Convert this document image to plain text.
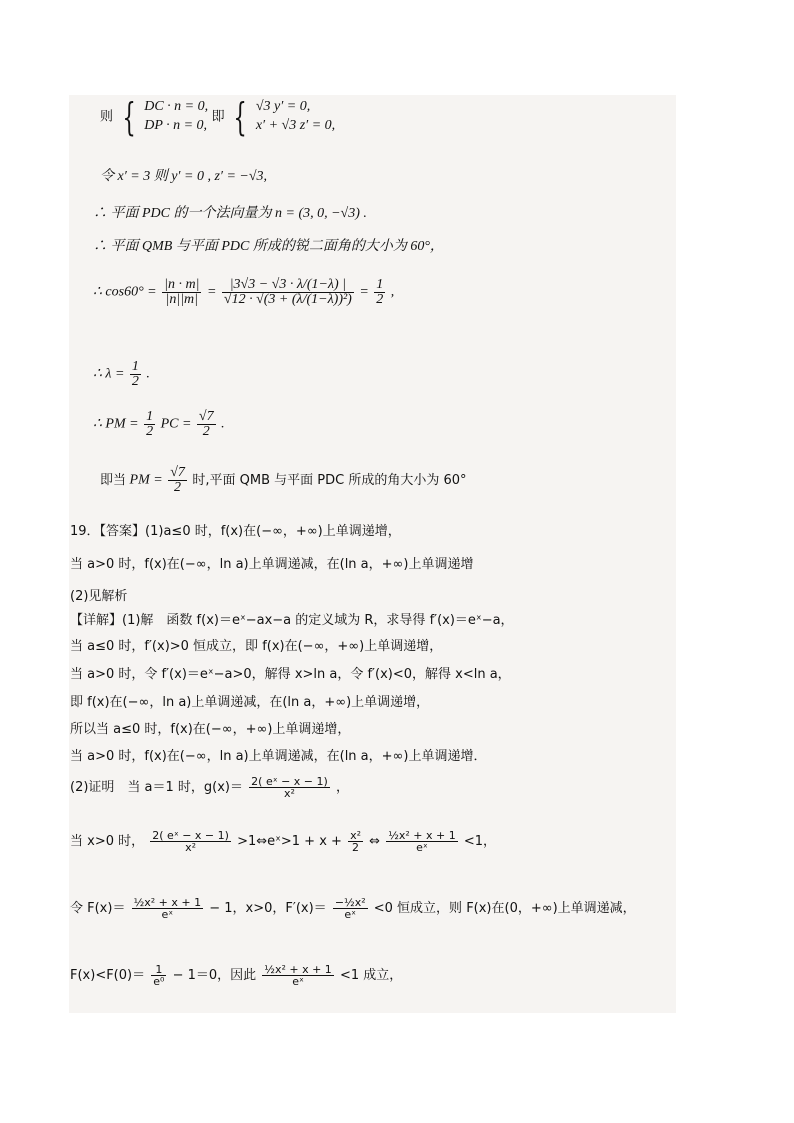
则 { DC · n = 0,
DP · n = 0,
即 { √3 y′ = 0,
x′ + √3 z′ = 0,
令 x′ = 3 则 y′ = 0 , z′ = −√3,
∴ 平面 PDC 的一个法向量为 n = (3, 0, −√3) .
∴ 平面 QMB 与平面 PDC 所成的锐二面角的大小为 60°，
∴ $\cos 60^\circ = \frac{|n \cdot m|}{|n||m|} = \frac{|3√3 - √3 \cdot \lambda/(1-\lambda) |}{\text{√12 · √(3 + (λ/(1−λ))²)}} = \frac{1}{2}$ ,
∴ $\lambda = \frac{1}{2}$ .
∴ PM = $\frac{1}{2}$ PC = $\frac{√7}{2}$ .
即当 PM = $\frac{√7}{2}$ 时,平面 QMB 与平面 PDC 所成的角大小为 60°
19．【答案】(1)a≤0 时，f(x)在(−∞，+∞)上单调递增，
当 a>0 时，f(x)在(−∞，ln a)上单调递减，在(ln a，+∞)上单调递增
(2)见解析
【详解】(1)解　函数 f(x)＝eˣ−ax−a 的定义域为 R，求导得 f′(x)＝eˣ−a，
当 a≤0 时，f′(x)>0 恒成立，即 f(x)在(−∞，+∞)上单调递增，
当 a>0 时，令 f′(x)＝eˣ−a>0，解得 x>ln a，令 f′(x)<0，解得 x<ln a，
即 f(x)在(−∞，ln a)上单调递减，在(ln a，+∞)上单调递增，
所以当 a≤0 时，f(x)在(−∞，+∞)上单调递增，
当 a>0 时，f(x)在(−∞，ln a)上单调递减，在(ln a，+∞)上单调递增．
(2)证明　当 a＝1 时，$g(x)= \frac{\text{2( eˣ − x − 1)}}{\text{x²}}$ ，
当 x>0 时， $\frac{\text{2( eˣ − x − 1)}}{\text{x²}}$ >1⇔eˣ>1 + $x + \frac{\text{x²}}{2}$ ⇔ $\frac{\text{½x² + x + 1}}{\text{eˣ}} <1$，
令 $F(x)= \frac{\text{½x² + x + 1}}{\text{eˣ}} - 1$，x>0，$F'(x)= \frac{\text{−½x²}}{\text{eˣ}} <0$ 恒成立，则 F(x)在(0，+∞)上单调递减，
$F(x)<F(0)= \frac{1}{\text{e⁰}} - 1=0$，因此 $\frac{\text{½x² + x + 1}}{\text{eˣ}} <1$ 成立，
